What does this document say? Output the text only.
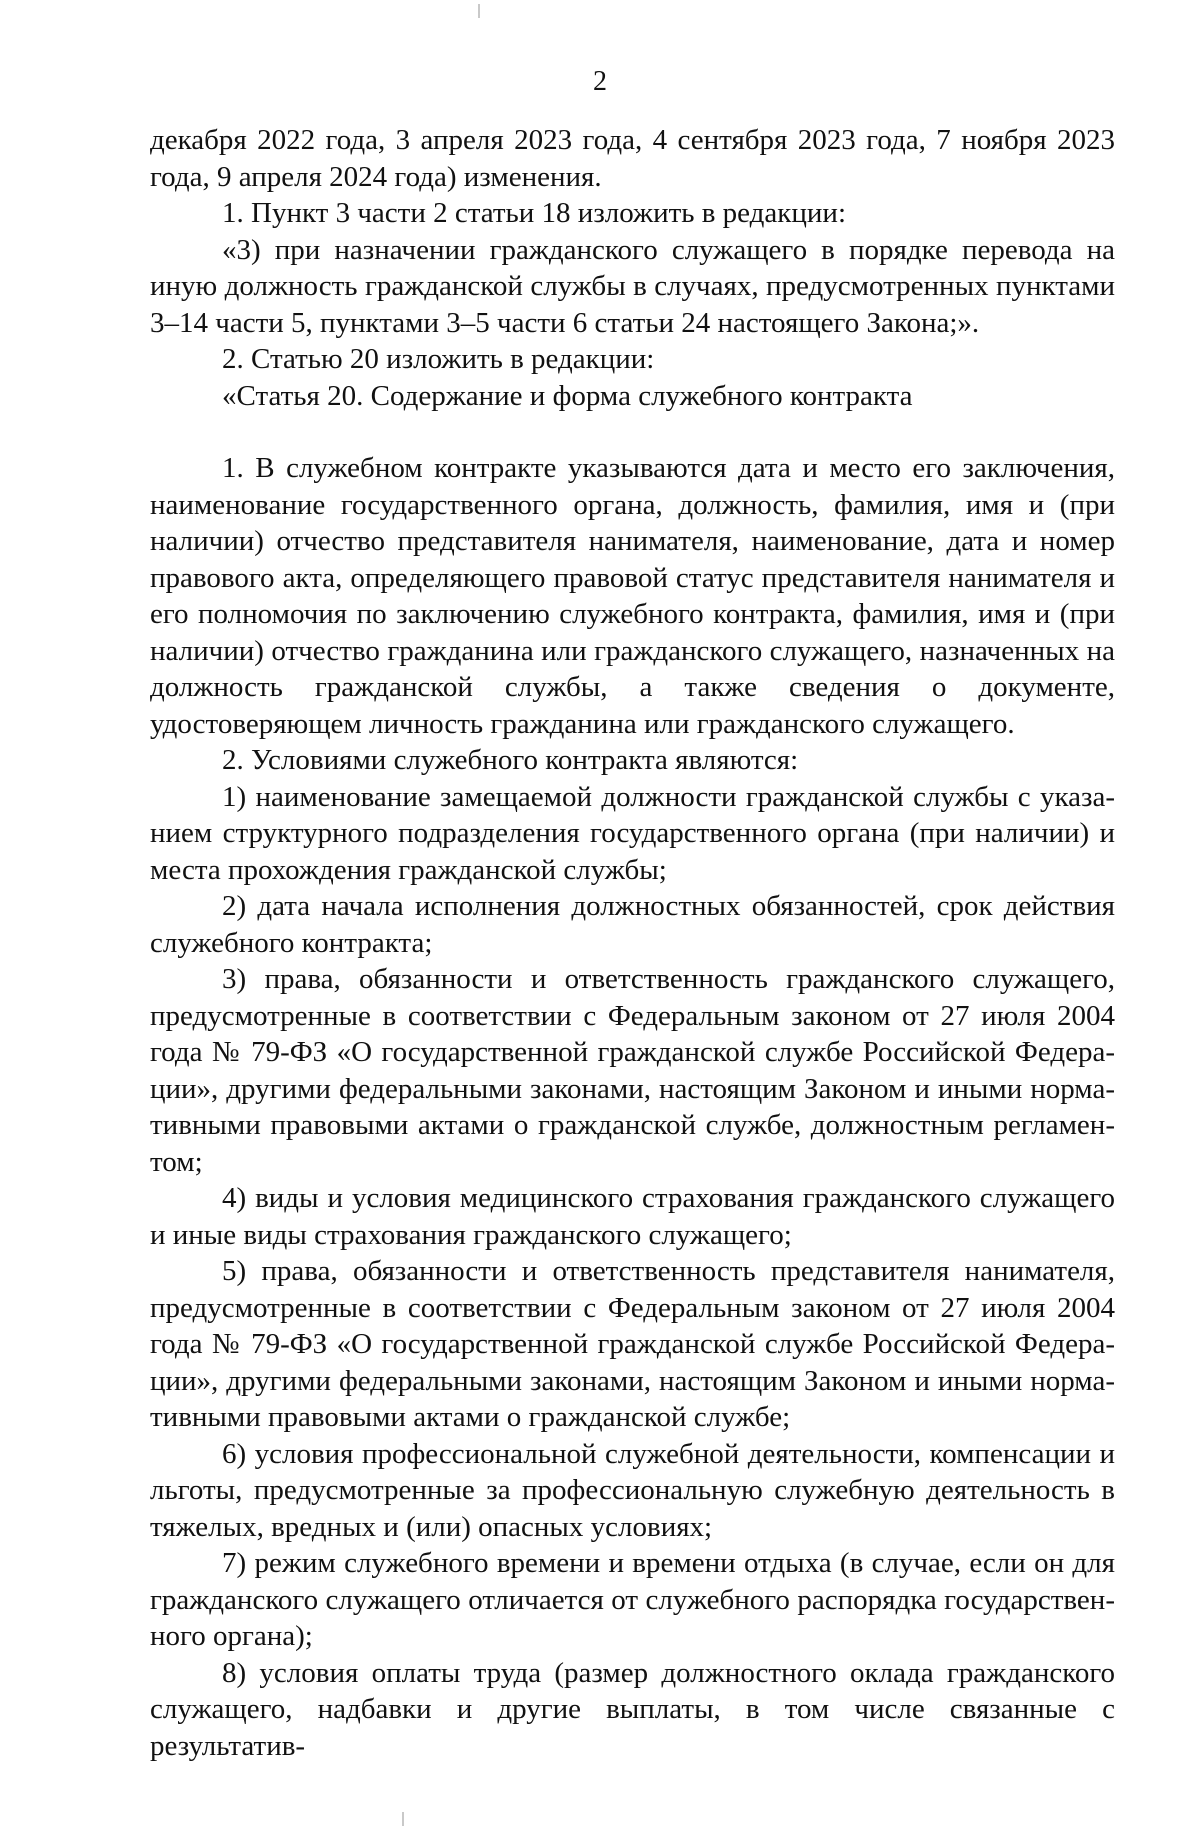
2

декабря 2022 года, 3 апреля 2023 года, 4 сентября 2023 года, 7 ноября 2023 года, 9 апреля 2024 года) изменения.

1. Пункт 3 части 2 статьи 18 изложить в редакции:

«3) при назначении гражданского служащего в порядке перевода на иную должность гражданской службы в случаях, предусмотренных пунктами 3–14 части 5, пунктами 3–5 части 6 статьи 24 настоящего Закона;».

2. Статью 20 изложить в редакции:

«Статья 20. Содержание и форма служебного контракта

1. В служебном контракте указываются дата и место его заключения, наименование государственного органа, должность, фамилия, имя и (при наличии) отчество представителя нанимателя, наименование, дата и номер правового акта, определяющего правовой статус представителя нанимателя и его полномочия по заключению служебного контракта, фамилия, имя и (при наличии) отчество гражданина или гражданского служащего, назначенных на должность гражданской службы, а также сведения о документе, удостоверяющем личность гражданина или гражданского служащего.

2. Условиями служебного контракта являются:

1) наименование замещаемой должности гражданской службы с указанием структурного подразделения государственного органа (при наличии) и места прохождения гражданской службы;

2) дата начала исполнения должностных обязанностей, срок действия служебного контракта;

3) права, обязанности и ответственность гражданского служащего, предусмотренные в соответствии с Федеральным законом от 27 июля 2004 года № 79-ФЗ «О государственной гражданской службе Российской Федерации», другими федеральными законами, настоящим Законом и иными нормативными правовыми актами о гражданской службе, должностным регламентом;

4) виды и условия медицинского страхования гражданского служащего и иные виды страхования гражданского служащего;

5) права, обязанности и ответственность представителя нанимателя, предусмотренные в соответствии с Федеральным законом от 27 июля 2004 года № 79-ФЗ «О государственной гражданской службе Российской Федерации», другими федеральными законами, настоящим Законом и иными нормативными правовыми актами о гражданской службе;

6) условия профессиональной служебной деятельности, компенсации и льготы, предусмотренные за профессиональную служебную деятельность в тяжелых, вредных и (или) опасных условиях;

7) режим служебного времени и времени отдыха (в случае, если он для гражданского служащего отличается от служебного распорядка государственного органа);

8) условия оплаты труда (размер должностного оклада гражданского служащего, надбавки и другие выплаты, в том числе связанные с результатив-
